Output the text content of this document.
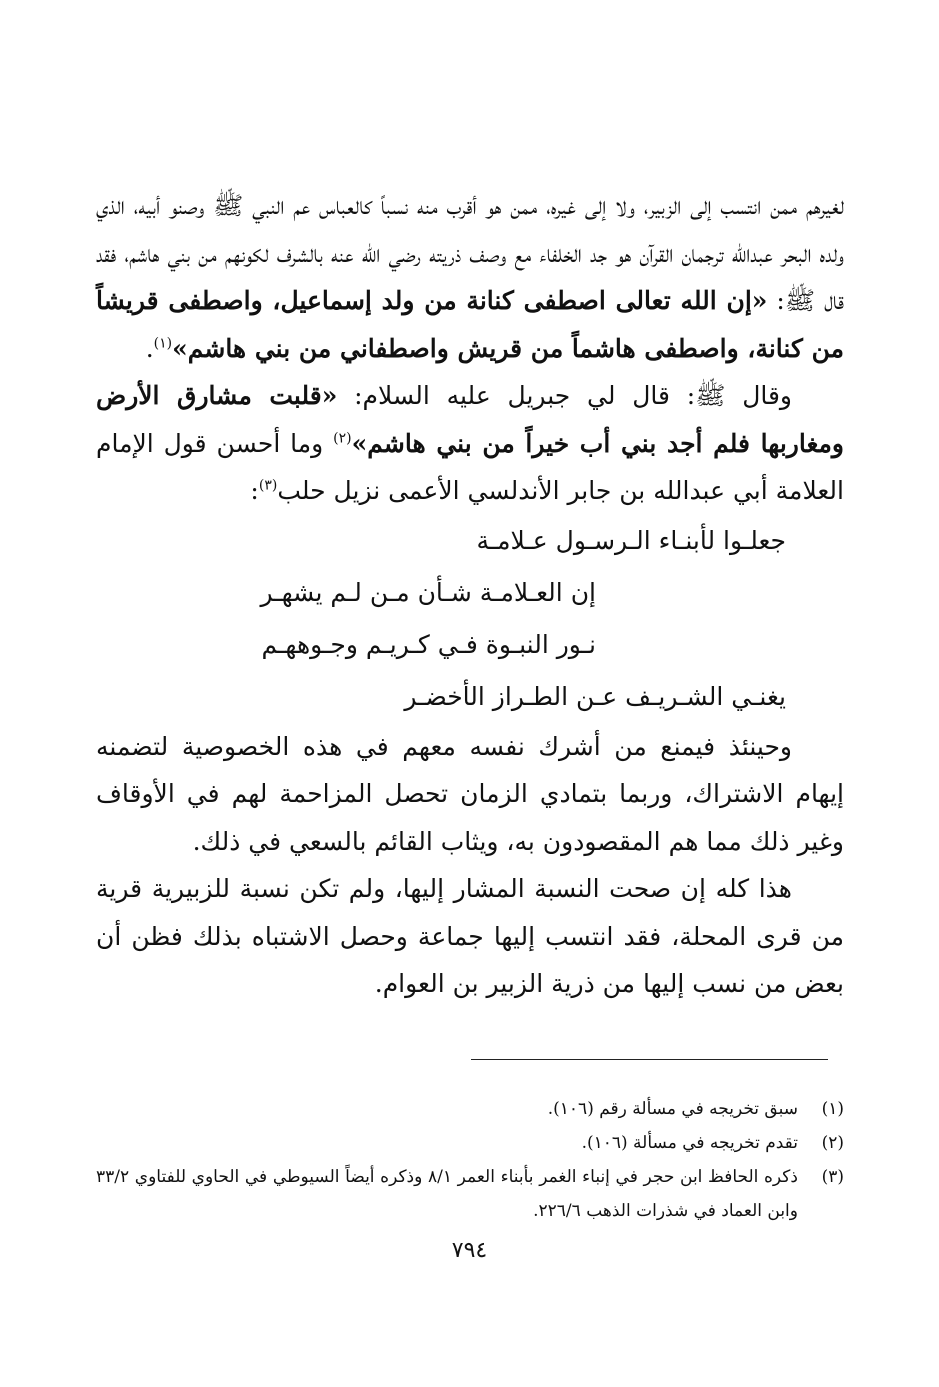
لغيرهم ممن انتسب إلى الزبير، ولا إلى غيره، ممن هو أقرب منه نسباً كالعباس عم النبي ﷺ وصنو أبيه، الذي ولده البحر عبدالله ترجمان القرآن هو جد الخلفاء مع وصف ذريته رضي الله عنه بالشرف لكونهم من بني هاشم، فقد قال ﷺ: «إن الله تعالى اصطفى كنانة من ولد إسماعيل، واصطفى قريشاً من كنانة، واصطفى هاشماً من قريش واصطفاني من بني هاشم»$^{(١)}$.

وقال ﷺ: قال لي جبريل عليه السلام: «قلبت مشارق الأرض ومغاربها فلم أجد بني أب خيراً من بني هاشم»$^{(٢)}$ وما أحسن قول الإمام العلامة أبي عبدالله بن جابر الأندلسي الأعمى نزيل حلب$^{(٣)}$:

جعلـوا لأبنـاء الـرسـول عـلامـة
إن العـلامـة شـأن مـن لـم يشهـر
نـور النبـوة فـي كـريـم وجـوههـم
يغنـي الشـريـف عـن الطـراز الأخضـر

وحينئذ فيمنع من أشرك نفسه معهم في هذه الخصوصية لتضمنه إيهام الاشتراك، وربما بتمادي الزمان تحصل المزاحمة لهم في الأوقاف وغير ذلك مما هم المقصودون به، ويثاب القائم بالسعي في ذلك.

هذا كله إن صحت النسبة المشار إليها، ولم تكن نسبة للزبيرية قرية من قرى المحلة، فقد انتسب إليها جماعة وحصل الاشتباه بذلك فظن أن بعض من نسب إليها من ذرية الزبير بن العوام.

(١)
سبق تخريجه في مسألة رقم (١٠٦).
(٢)
تقدم تخريجه في مسألة (١٠٦).
(٣)
ذكره الحافظ ابن حجر في إنباء الغمر بأبناء العمر ٨/١ وذكره أيضاً السيوطي في الحاوي للفتاوي ٣٣/٢ وابن العماد في شذرات الذهب ٢٢٦/٦.
٧٩٤
